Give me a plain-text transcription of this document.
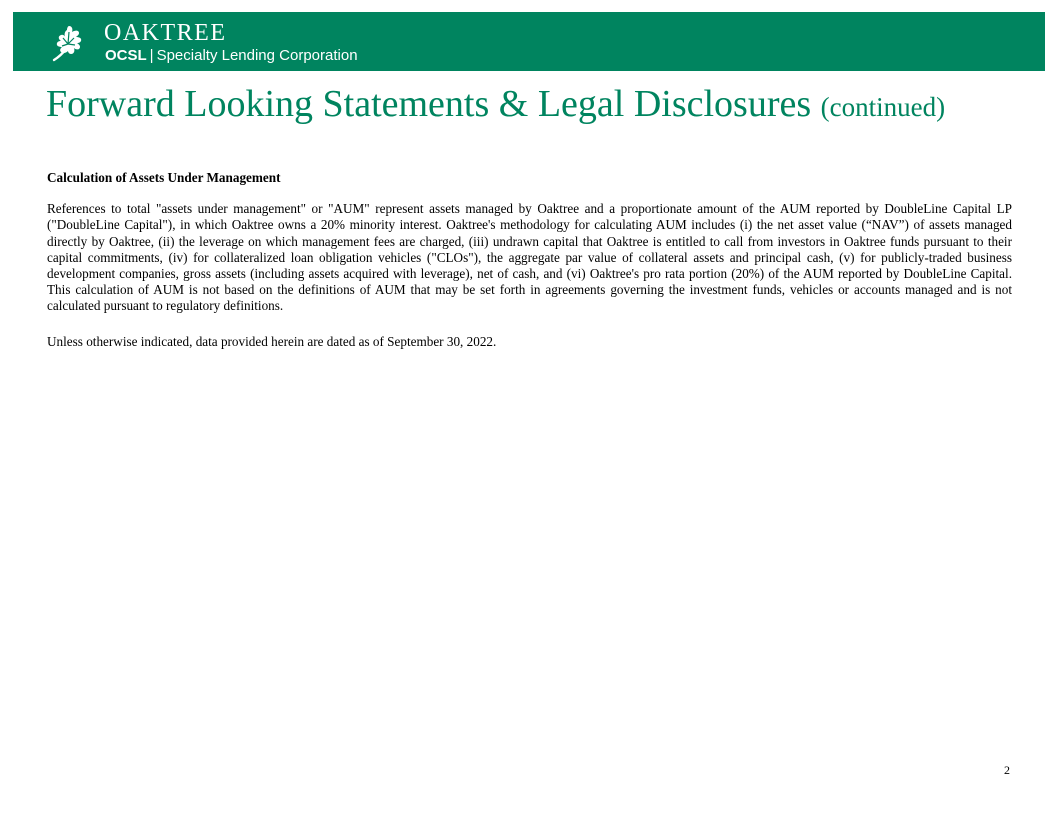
OAKTREE
OCSL | Specialty Lending Corporation
Forward Looking Statements & Legal Disclosures (continued)

Calculation of Assets Under Management

References to total "assets under management" or "AUM" represent assets managed by Oaktree and a proportionate amount of the AUM reported by DoubleLine Capital LP ("DoubleLine Capital"), in which Oaktree owns a 20% minority interest. Oaktree's methodology for calculating AUM includes (i) the net asset value (“NAV”) of assets managed directly by Oaktree, (ii) the leverage on which management fees are charged, (iii) undrawn capital that Oaktree is entitled to call from investors in Oaktree funds pursuant to their capital commitments, (iv) for collateralized loan obligation vehicles ("CLOs"), the aggregate par value of collateral assets and principal cash, (v) for publicly-traded business development companies, gross assets (including assets acquired with leverage), net of cash, and (vi) Oaktree's pro rata portion (20%) of the AUM reported by DoubleLine Capital. This calculation of AUM is not based on the definitions of AUM that may be set forth in agreements governing the investment funds, vehicles or accounts managed and is not calculated pursuant to regulatory definitions.

Unless otherwise indicated, data provided herein are dated as of September 30, 2022.

2
